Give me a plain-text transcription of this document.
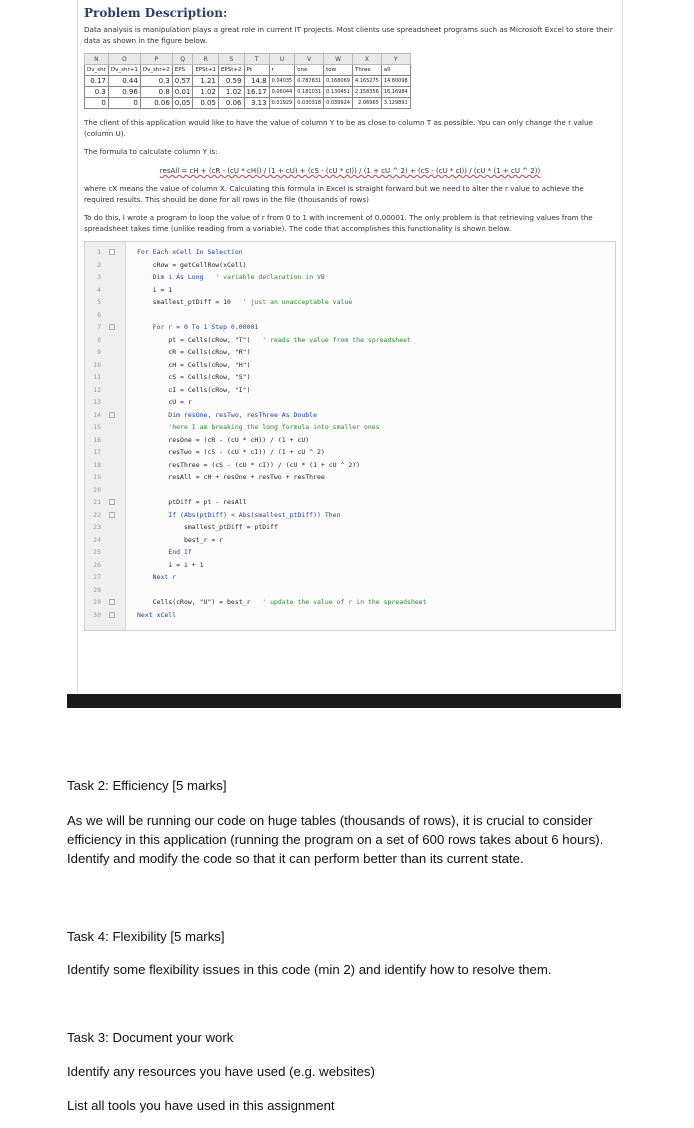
Problem Description:

Data analysis is manipulation plays a great role in current IT projects. Most clients use spreadsheet programs such as Microsoft Excel to store their data as shown in the figure below.

N	O	P	Q	R	S	T	U	V	W	X	Y
Dv_shr	Dv_shr+1	Dv_shr+2	EPS	EPSt+1	EPSt+2	Pt	r	one	tow	Three	all
0.17	0.44	0.3	0.57	1.21	0.59	14.8	0.04035	0.787631	0.168069	4.165275	14.80098
0.3	0.96	0.8	0.01	1.02	1.02	16.17	0.06044	0.181031	0.130451	2.158356	16.16984
0	0	0.06	0.05	0.05	0.06	3.13	0.01929	0.030318	0.039924	2.06965	3.129891

The client of this application would like to have the value of column Y to be as close to column T as possible. You can only change the r value (column U).

The formula to calculate column Y is:

resAll = cH + (cR - (cU * cH)) / (1 + cU) + (cS - (cU * cI)) / (1 + cU ^ 2) + (cS - (cU * cI)) / (cU * (1 + cU ^ 2))

where cX means the value of column X. Calculating this formula in Excel is straight forward but we need to alter the r value to achieve the required results. This should be done for all rows in the file (thousands of rows)

To do this, I wrote a program to loop the value of r from 0 to 1 with increment of 0.00001. The only problem is that retrieving values from the spreadsheet takes time (unlike reading from a variable). The code that accomplishes this functionality is shown below.

1	For Each xCell In Selection
2	cRow = getCellRow(xCell)
3	Dim i As Long   ' variable declaration in VB
4	i = 1
5	smallest_ptDiff = 10   ' just an unacceptable value
6
7	For r = 0 To 1 Step 0.00001
8	pt = Cells(cRow, "T")   ' reads the value from the spreadsheet
9	cR = Cells(cRow, "R")
10	cH = Cells(cRow, "H")
11	cS = Cells(cRow, "S")
12	cI = Cells(cRow, "I")
13	cU = r
14	Dim resOne, resTwo, resThree As Double
15	'here I am breaking the long formula into smaller ones
16	resOne = (cR - (cU * cH)) / (1 + cU)
17	resTwo = (cS - (cU * cI)) / (1 + cU ^ 2)
18	resThree = (cS - (cU * cI)) / (cU * (1 + cU ^ 2))
19	resAll = cH + resOne + resTwo + resThree
20
21	ptDiff = pt - resAll
22	If (Abs(ptDiff) < Abs(smallest_ptDiff)) Then
23	smallest_ptDiff = ptDiff
24	best_r = r
25	End If
26	i = i + 1
27	Next r
28
29	Cells(cRow, "U") = best_r   ' update the value of r in the spreadsheet
30	Next xCell
Task 2: Efficiency [5 marks]
As we will be running our code on huge tables (thousands of rows), it is crucial to consider efficiency in this application (running the program on a set of 600 rows takes about 6 hours). Identify and modify the code so that it can perform better than its current state.
Task 4: Flexibility [5 marks]
Identify some flexibility issues in this code (min 2) and identify how to resolve them.
Task 3: Document your work
Identify any resources you have used (e.g. websites)
List all tools you have used in this assignment
